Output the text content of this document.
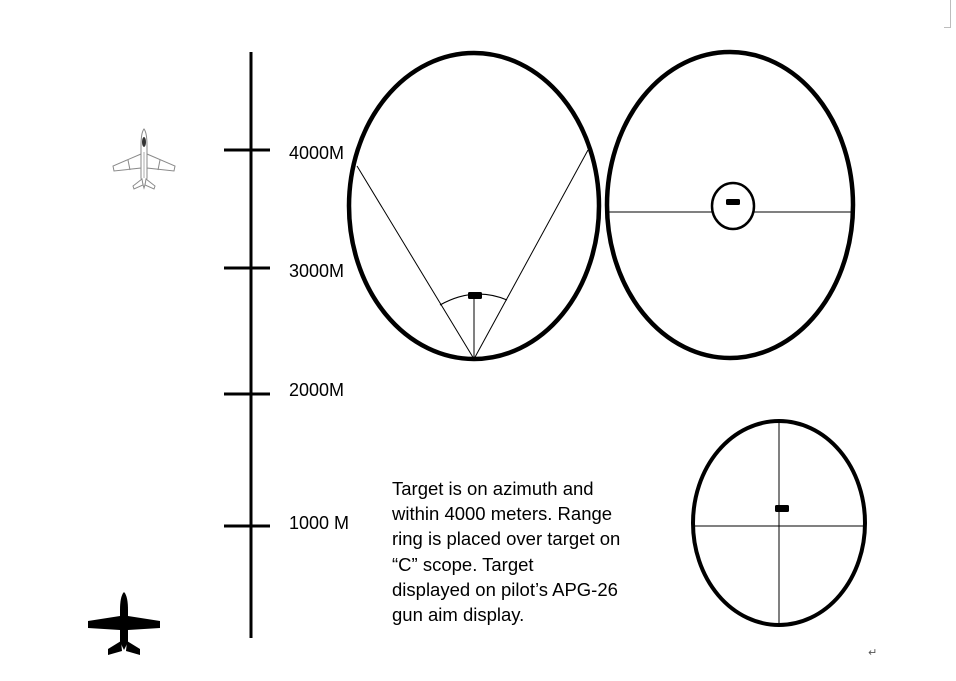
4000M
3000M
2000M
1000 M
Target is on azimuth and
within 4000 meters. Range
ring is placed over target on
“C” scope. Target
displayed on pilot’s APG-26
gun aim display.
↵
